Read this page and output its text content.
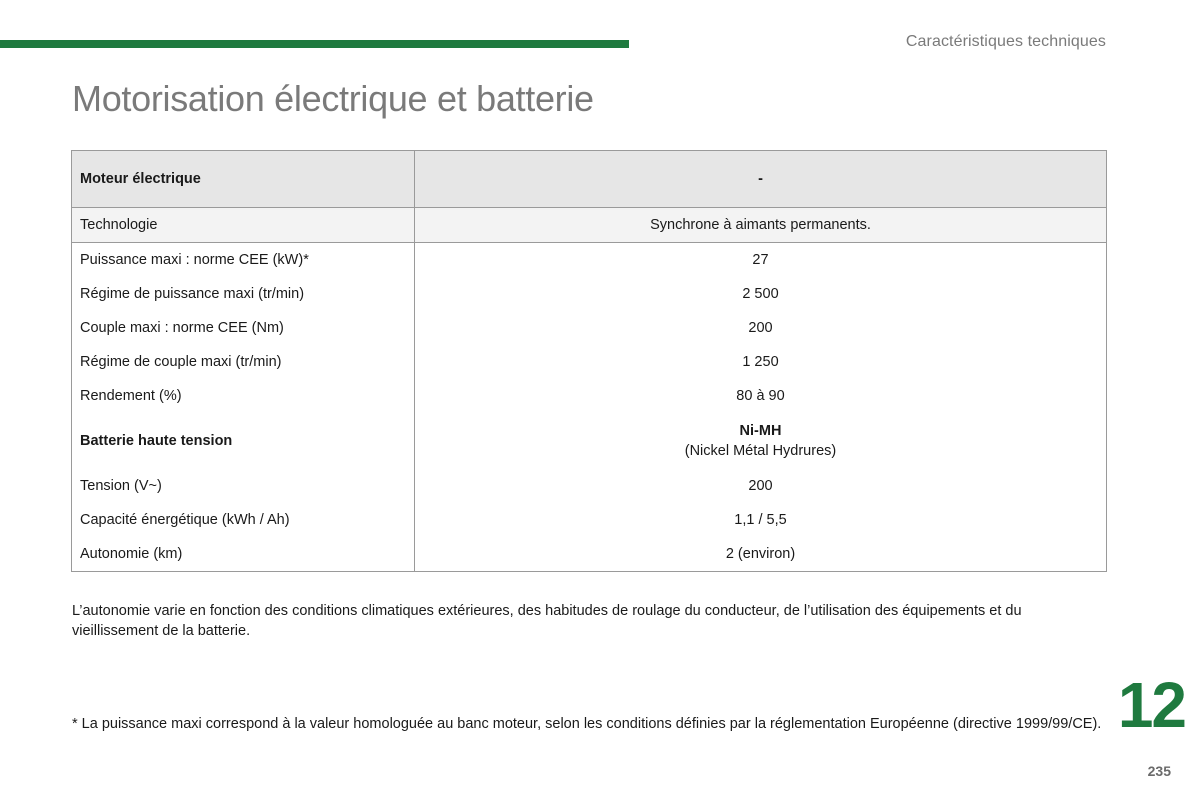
Caractéristiques techniques
Motorisation électrique et batterie
Moteur électrique	-
Technologie	Synchrone à aimants permanents.
Puissance maxi : norme CEE (kW)*	27
Régime de puissance maxi (tr/min)	2 500
Couple maxi : norme CEE (Nm)	200
Régime de couple maxi (tr/min)	1 250
Rendement (%)	80 à 90
Batterie haute tension	Ni-MH
(Nickel Métal Hydrures)

Tension (V~)	200
Capacité énergétique (kWh / Ah)	1,1 / 5,5
Autonomie (km)	2 (environ)

L’autonomie varie en fonction des conditions climatiques extérieures, des habitudes de roulage du conducteur, de l’utilisation des équipements et du vieillissement de la batterie.

* La puissance maxi correspond à la valeur homologuée au banc moteur, selon les conditions définies par la réglementation Européenne (directive 1999/99/CE). 12
235
